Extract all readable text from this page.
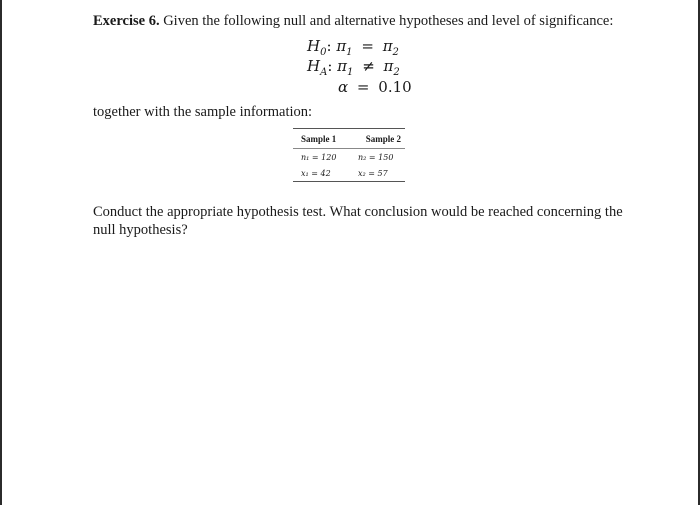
Exercise 6. Given the following null and alternative hypotheses and level of significance:
$H_0$: $\pi_1 = \pi_2$
$H_A$: $\pi_1 \ne \pi_2$
α = 0.10
together with the sample information:
Sample 1	Sample 2
n₁ = 120	n₂ = 150
x₁ = 42	x₂ = 57
Conduct the appropriate hypothesis test. What conclusion would be reached concerning the null hypothesis?
